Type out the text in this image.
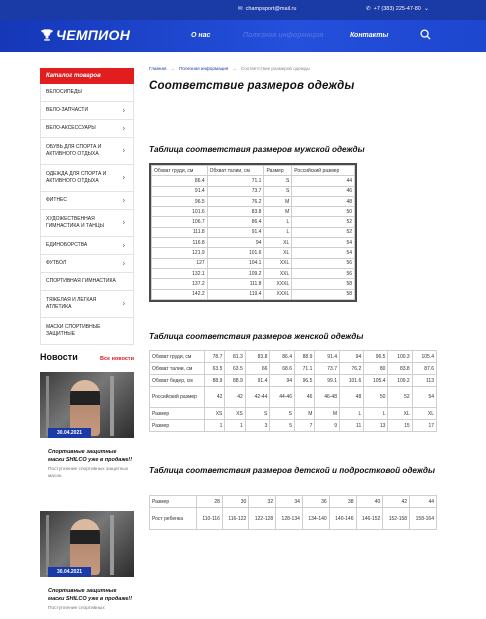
✉ champsport@mail.ru	✆ +7 (383) 225-47-80 ⌄
ЧЕМПИОН	О нас	Полезная информация	Контакты
Каталог товаров
ВЕЛОСИПЕДЫ
ВЕЛО-ЗАПЧАСТИ	›
ВЕЛО-АКСЕССУАРЫ	›
ОБУВЬ ДЛЯ СПОРТА И АКТИВНОГО ОТДЫХА	›
ОДЕЖДА ДЛЯ СПОРТА И АКТИВНОГО ОТДЫХА	›
ФИТНЕС	›
ХУДОЖЕСТВЕННАЯ ГИМНАСТИКА И ТАНЦЫ	›
ЕДИНОБОРСТВА	›
ФУТБОЛ	›
СПОРТИВНАЯ ГИМНАСТИКА
ТЯЖЕЛАЯ И ЛЕГКАЯ АТЛЕТИКА	›
МАСКИ СПОРТИВНЫЕ ЗАЩИТНЫЕ
Новости	Все новости
30.04.2021
Спортивные защитные маски SHILCO уже в продаже!!
Поступление спортивных защитных масок.
30.04.2021
Спортивные защитные маски SHILCO уже в продаже!!
Поступление спортивных
Главная → Полезная информация → Соответствие размеров одежды
Соответствие размеров одежды
Таблица соответствия размеров мужской одежды
Обхват груди, см	Обхват талии, см	Размер	Российский размер
86.4	71.1	S	44
91.4	73.7	S	46
96.5	76.2	M	48
101.6	83.8	M	50
106.7	86.4	L	52
111.8	91.4	L	52
116.8	94	XL	54
121.9	101.6	XL	54
127	104.1	XXL	56
132.1	109.2	XXL	56
137.2	111.8	XXXL	58
142.2	119.4	XXXL	58
Таблица соответствия размеров женской одежды
Обхват груди, см	78.7	81.3	83.8	86.4	88.9	91.4	94	96.5	100.3	105.4
Обхват талии, см	63.5	63.5	66	68.6	71.1	73.7	76.2	80	83.8	87.6
Обхват бедер, см	88.9	88.9	91.4	94	96.5	99.1	101.6	105.4	109.2	113
Российский размер	42	42	42-44	44-46	46	46-48	48	50	52	54
Размер	XS	XS	S	S	M	M	L	L	XL	XL
Размер	1	1	3	5	7	9	11	13	15	17
Таблица соответствия размеров детской и подростковой одежды
Размер	28	30	32	34	36	38	40	42	44
Рост ребенка	110-116	116-122	122-128	128-134	134-140	140-146	146-152	152-158	158-164
